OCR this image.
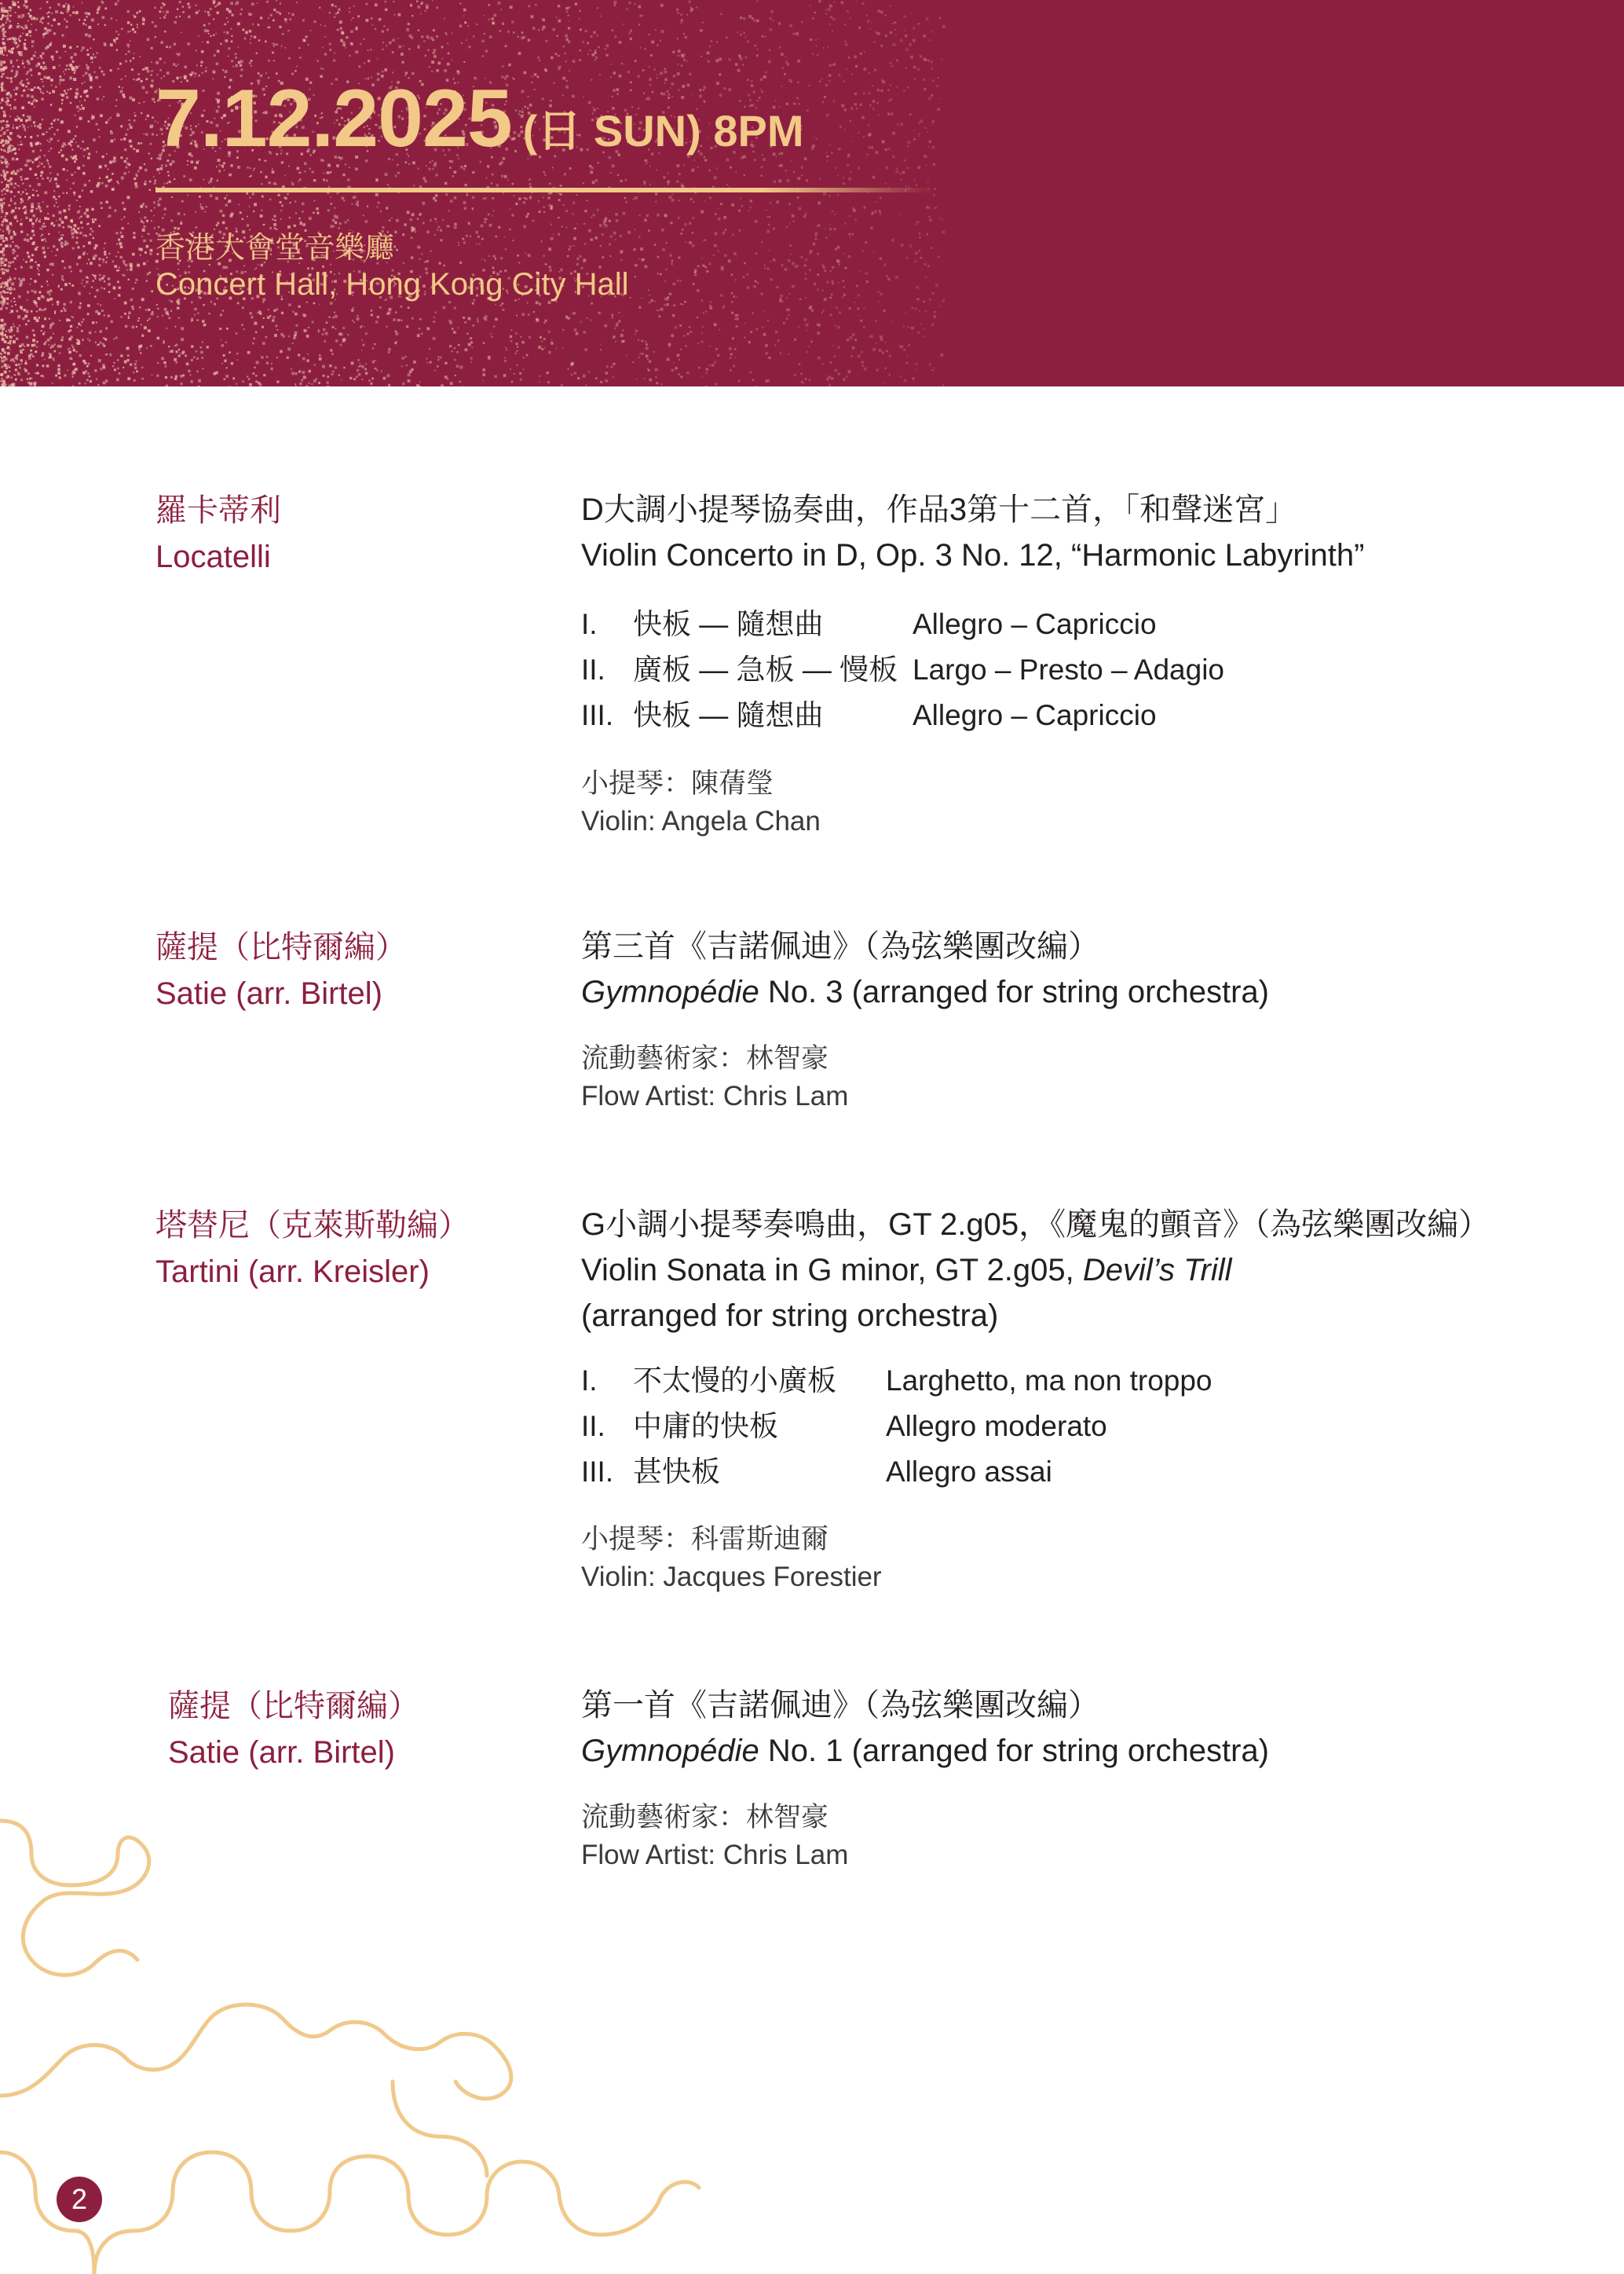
7.12.2025 (日 SUN) 8PM
香港大會堂音樂廳
Concert Hall, Hong Kong City Hall
羅卡蒂利
Locatelli
D大調小提琴協奏曲，作品3第十二首，「和聲迷宮」
Violin Concerto in D, Op. 3 No. 12, “Harmonic Labyrinth”
I. 快板 — 隨想曲	Allegro – Capriccio
II. 廣板 — 急板 — 慢板 Largo – Presto – Adagio
III. 快板 — 隨想曲	Allegro – Capriccio
小提琴：陳蒨瑩
Violin: Angela Chan
薩提（比特爾編）
Satie (arr. Birtel)
第三首《吉諾佩迪》（為弦樂團改編）
Gymnopédie No. 3 (arranged for string orchestra)
流動藝術家：林智豪
Flow Artist: Chris Lam
塔替尼（克萊斯勒編）
Tartini (arr. Kreisler)
G小調小提琴奏鳴曲，GT 2.g05，《魔鬼的顫音》（為弦樂團改編）
Violin Sonata in G minor, GT 2.g05, Devil’s Trill
(arranged for string orchestra)
I. 不太慢的小廣板 Larghetto, ma non troppo
II. 中庸的快板	Allegro moderato
III. 甚快板	Allegro assai
小提琴：科雷斯迪爾
Violin: Jacques Forestier
薩提（比特爾編）
Satie (arr. Birtel)
第一首《吉諾佩迪》（為弦樂團改編）
Gymnopédie No. 1 (arranged for string orchestra)
流動藝術家：林智豪
Flow Artist: Chris Lam
2
